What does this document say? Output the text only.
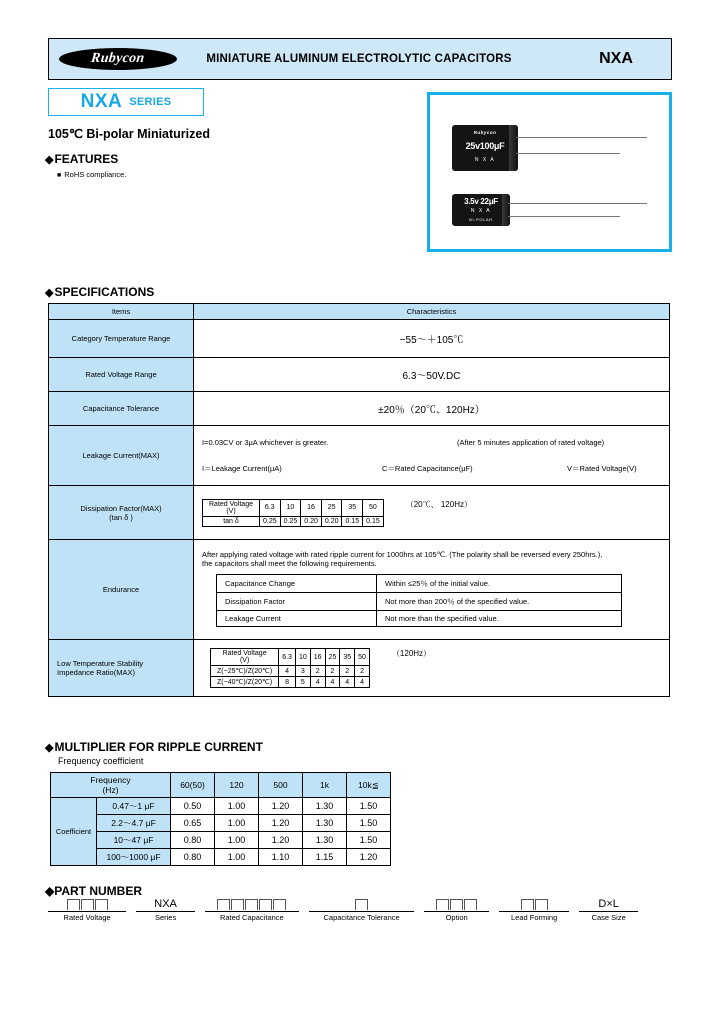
Rubycon	MINIATURE ALUMINUM ELECTROLYTIC CAPACITORS	NXA
NXA SERIES
105℃ Bi-polar Miniaturized
◆FEATURES
■ RoHS compliance.
Rubycon
25v100μF
N X A
3.5v 22μF
N X A
BI-POLAR
◆SPECIFICATIONS
Items	Characteristics
Category Temperature Range	−55～＋105℃
Rated Voltage Range	6.3～50V.DC
Capacitance Tolerance	±20％（20℃、120Hz）
Leakage Current(MAX)	
I=0.03CV or 3μA whichever is greater.	(After 5 minutes application of rated voltage)
I＝Leakage Current(μA)	C＝Rated Capacitance(μF)	V＝Rated Voltage(V)

Dissipation Factor(MAX)
(tan δ )

Rated Voltage
(V)	6.3	10	16	25	35	50
tan δ	0.25	0.25	0.20	0.20	0.15	0.15
（20℃、 120Hz）

Endurance	
After applying rated voltage with rated ripple current for 1000hrs at 105℃. (The polarity shall be reversed every 250hrs.),
the capacitors shall meet the following requirements.
Capacitance Change	Within ≤25％ of the initial value.
Dissipation Factor	Not more than 200％ of the specified value.
Leakage Current	Not more than the specified value.

Low Temperature Stability
Impedance Ratio(MAX)

Rated Voltage
(V)	6.3	10	16	25	35	50
Z(−25℃)/Z(20℃)	4	3	2	2	2	2
Z(−40℃)/Z(20℃)	8	5	4	4	4	4
（120Hz）
◆MULTIPLIER FOR RIPPLE CURRENT
Frequency coefficient
Frequency
(Hz)		60(50)	120	500	1k	10k≦
Coefficient	0.47～1 μF	0.50	1.00	1.20	1.30	1.50
	2.2～4.7 μF	0.65	1.00	1.20	1.30	1.50
	10～47 μF	0.80	1.00	1.20	1.30	1.50
	100～1000 μF	0.80	1.00	1.10	1.15	1.20
◆PART NUMBER
Rated Voltage
NXA
Series	Rated Capacitance	Capacitance Tolerance	Option	Lead Forming
D×L
Case Size
